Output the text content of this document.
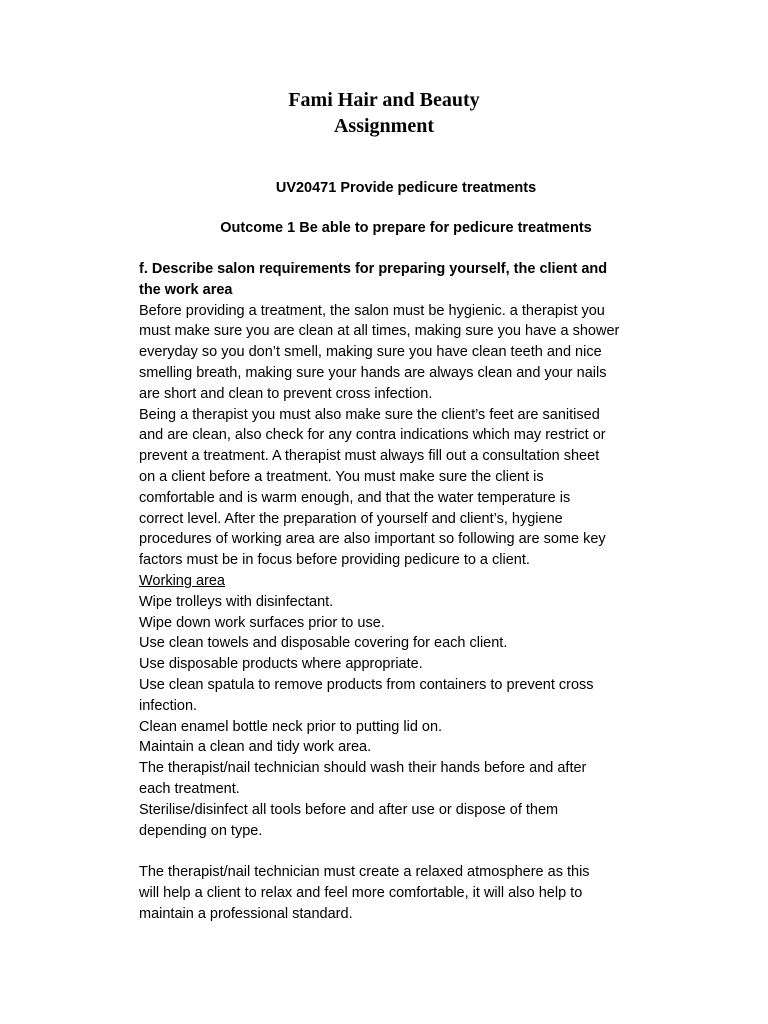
Fami Hair and Beauty
Assignment
UV20471 Provide pedicure treatments
Outcome 1 Be able to prepare for pedicure treatments
f. Describe salon requirements for preparing yourself, the client and
the work area
Before providing a treatment, the salon must be hygienic. a therapist you
must make sure you are clean at all times, making sure you have a shower
everyday so you don’t smell, making sure you have clean teeth and nice
smelling breath, making sure your hands are always clean and your nails
are short and clean to prevent cross infection.
Being a therapist you must also make sure the client’s feet are sanitised
and are clean, also check for any contra indications which may restrict or
prevent a treatment. A therapist must always fill out a consultation sheet
on a client before a treatment. You must make sure the client is
comfortable and is warm enough, and that the water temperature is
correct level. After the preparation of yourself and client’s, hygiene
procedures of working area are also important so following are some key
factors must be in focus before providing pedicure to a client.
Working area
Wipe trolleys with disinfectant.
Wipe down work surfaces prior to use.
Use clean towels and disposable covering for each client.
Use disposable products where appropriate.
Use clean spatula to remove products from containers to prevent cross
infection.
Clean enamel bottle neck prior to putting lid on.
Maintain a clean and tidy work area.
The therapist/nail technician should wash their hands before and after
each treatment.
Sterilise/disinfect all tools before and after use or dispose of them
depending on type.
The therapist/nail technician must create a relaxed atmosphere as this
will help a client to relax and feel more comfortable, it will also help to
maintain a professional standard.
